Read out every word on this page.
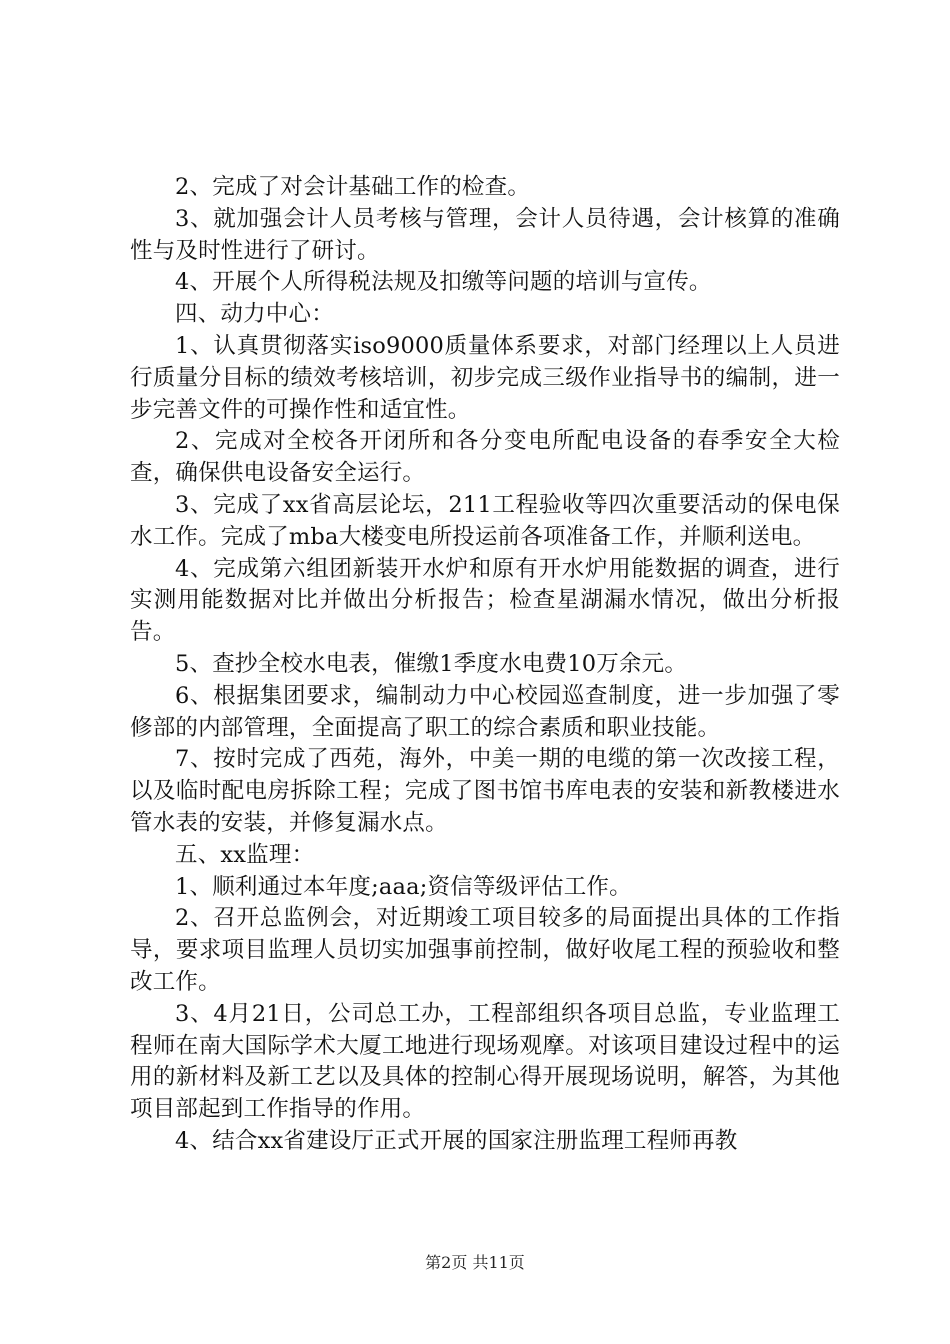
2、完成了对会计基础工作的检查。

3、就加强会计人员考核与管理，会计人员待遇，会计核算的准确性与及时性进行了研讨。

4、开展个人所得税法规及扣缴等问题的培训与宣传。

四、动力中心：

1、认真贯彻落实iso9000质量体系要求，对部门经理以上人员进行质量分目标的绩效考核培训，初步完成三级作业指导书的编制，进一步完善文件的可操作性和适宜性。

2、完成对全校各开闭所和各分变电所配电设备的春季安全大检查，确保供电设备安全运行。

3、完成了xx省高层论坛，211工程验收等四次重要活动的保电保水工作。完成了mba大楼变电所投运前各项准备工作，并顺利送电。

4、完成第六组团新装开水炉和原有开水炉用能数据的调查，进行实测用能数据对比并做出分析报告；检查星湖漏水情况，做出分析报告。

5、查抄全校水电表，催缴1季度水电费10万余元。

6、根据集团要求，编制动力中心校园巡查制度，进一步加强了零修部的内部管理，全面提高了职工的综合素质和职业技能。

7、按时完成了西苑，海外，中美一期的电缆的第一次改接工程，以及临时配电房拆除工程；完成了图书馆书库电表的安装和新教楼进水管水表的安装，并修复漏水点。

五、xx监理：

1、顺利通过本年度;aaa;资信等级评估工作。

2、召开总监例会，对近期竣工项目较多的局面提出具体的工作指导，要求项目监理人员切实加强事前控制，做好收尾工程的预验收和整改工作。

3、4月21日，公司总工办，工程部组织各项目总监，专业监理工程师在南大国际学术大厦工地进行现场观摩。对该项目建设过程中的运用的新材料及新工艺以及具体的控制心得开展现场说明，解答，为其他项目部起到工作指导的作用。

4、结合xx省建设厅正式开展的国家注册监理工程师再教

第2页 共11页
